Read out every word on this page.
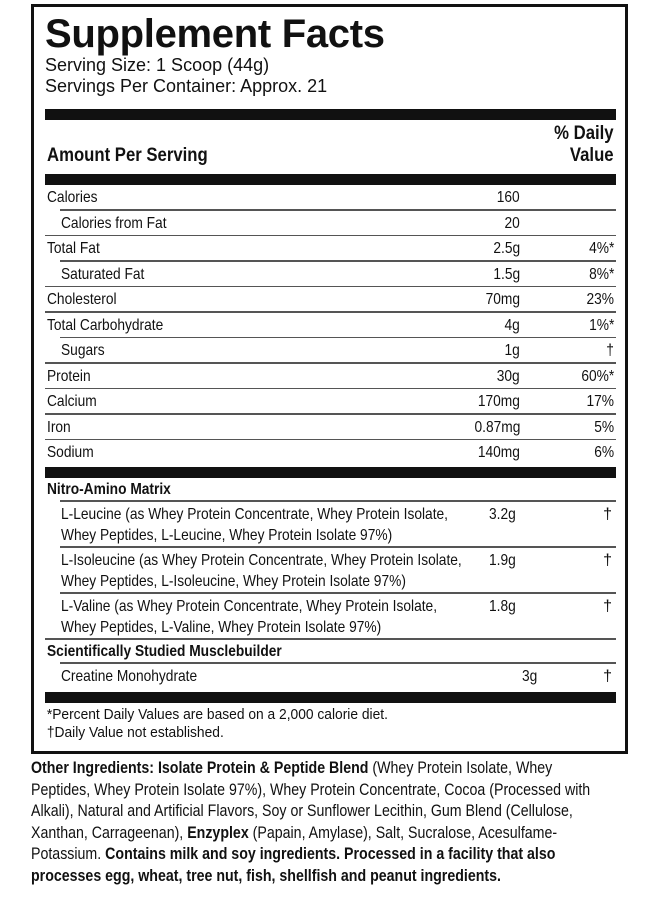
Supplement Facts
Serving Size: 1 Scoop (44g)
Servings Per Container: Approx. 21
Amount Per Serving
% Daily
Value
Calories	160
Calories from Fat	20
Total Fat	2.5g	4%*
Saturated Fat	1.5g	8%*
Cholesterol	70mg	23%
Total Carbohydrate	4g	1%*
Sugars	1g	†
Protein	30g	60%*
Calcium	170mg	17%
Iron	0.87mg	5%
Sodium	140mg	6%
Nitro-Amino Matrix
L-Leucine (as Whey Protein Concentrate, Whey Protein Isolate,
Whey Peptides, L-Leucine, Whey Protein Isolate 97%)
3.2g	†
L-Isoleucine (as Whey Protein Concentrate, Whey Protein Isolate,
Whey Peptides, L-Isoleucine, Whey Protein Isolate 97%)
1.9g	†
L-Valine (as Whey Protein Concentrate, Whey Protein Isolate,
Whey Peptides, L-Valine, Whey Protein Isolate 97%)
1.8g	†
Scientifically Studied Musclebuilder
Creatine Monohydrate	3g	†
*Percent Daily Values are based on a 2,000 calorie diet.
†Daily Value not established.
Other Ingredients: Isolate Protein & Peptide Blend (Whey Protein Isolate, Whey Peptides, Whey Protein Isolate 97%), Whey Protein Concentrate, Cocoa (Processed with Alkali), Natural and Artificial Flavors, Soy or Sunflower Lecithin, Gum Blend (Cellulose, Xanthan, Carrageenan), Enzyplex (Papain, Amylase), Salt, Sucralose, Acesulfame-Potassium. Contains milk and soy ingredients. Processed in a facility that also processes egg, wheat, tree nut, fish, shellfish and peanut ingredients.
